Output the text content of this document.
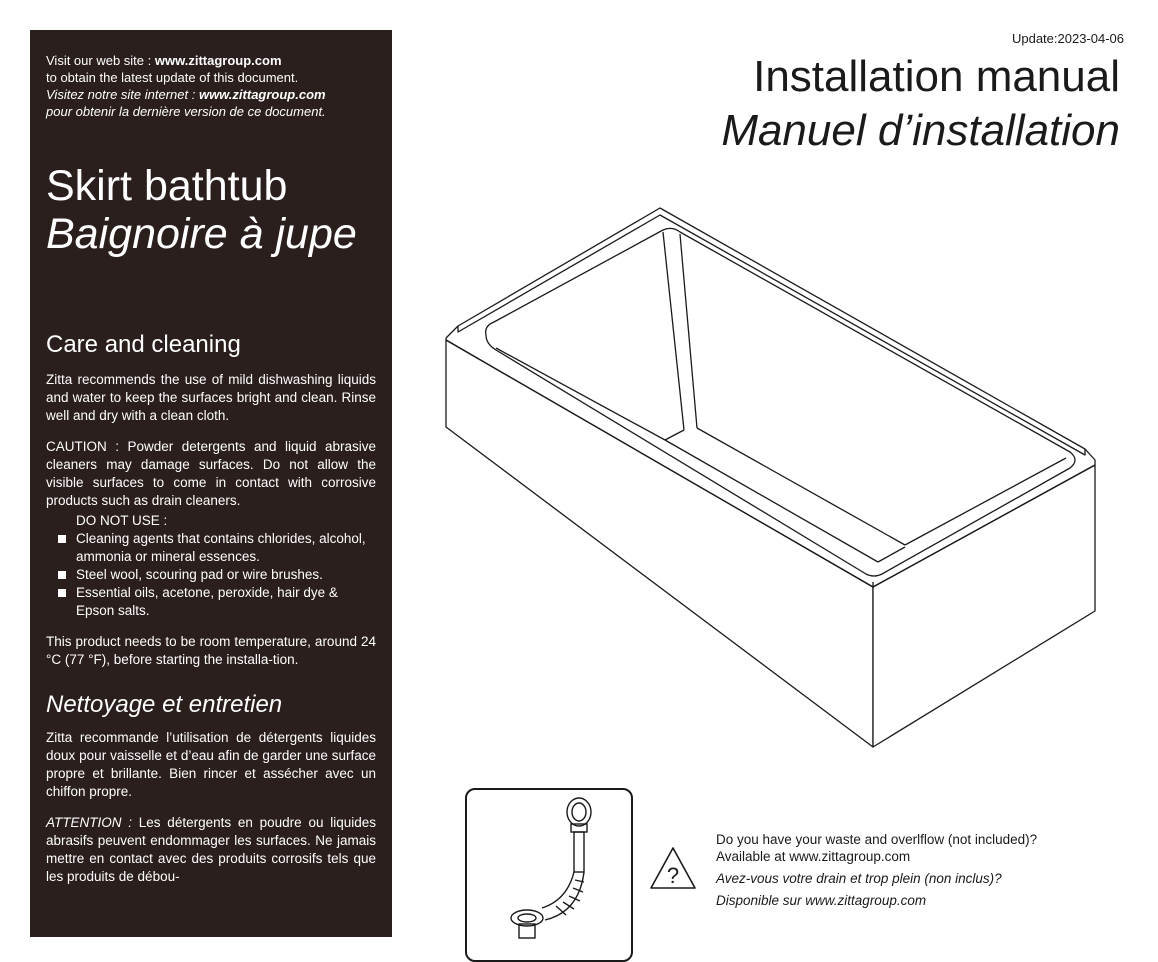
Visit our web site : www.zittagroup.com
to obtain the latest update of this document.
Visitez notre site internet : www.zittagroup.com
pour obtenir la dernière version de ce document.
Skirt bathtub
Baignoire à jupe
Care and cleaning

Zitta recommends the use of mild dishwashing liquids and water to keep the surfaces bright and clean. Rinse well and dry with a clean cloth.

CAUTION : Powder detergents and liquid abrasive cleaners may damage surfaces. Do not allow the visible surfaces to come in contact with corrosive products such as drain cleaners.

DO NOT USE :
Cleaning agents that contains chlorides, alcohol, ammonia or mineral essences.
Steel wool, scouring pad or wire brushes.
Essential oils, acetone, peroxide, hair dye & Epson salts.

This product needs to be room temperature, around 24 °C (77 °F), before starting the installa-tion.

Nettoyage et entretien

Zitta recommande l’utilisation de détergents liquides doux pour vaisselle et d’eau afin de garder une surface propre et brillante. Bien rincer et assécher avec un chiffon propre.

ATTENTION : Les détergents en poudre ou liquides abrasifs peuvent endommager les surfaces. Ne jamais mettre en contact avec des produits corrosifs tels que les produits de débou-

Update:2023-04-06
Installation manual
Manuel d’installation
?
Do you have your waste and overlflow (not included)?
Available at www.zittagroup.com
Avez-vous votre drain et trop plein (non inclus)?
Disponible sur www.zittagroup.com
